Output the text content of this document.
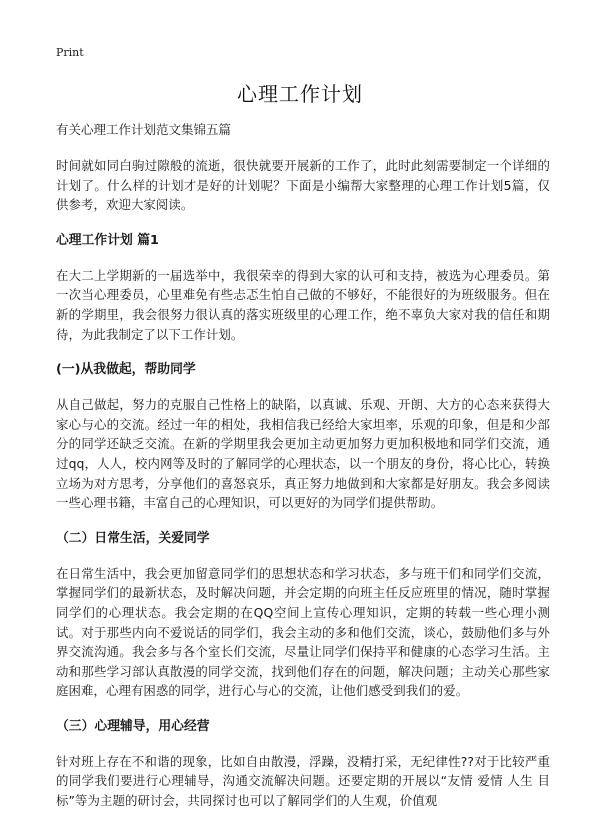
Print
心理工作计划
有关心理工作计划范文集锦五篇

时间就如同白驹过隙般的流逝，很快就要开展新的工作了，此时此刻需要制定一个详细的计划了。什么样的计划才是好的计划呢？下面是小编帮大家整理的心理工作计划5篇，仅供参考，欢迎大家阅读。

心理工作计划 篇1

在大二上学期新的一届选举中，我很荣幸的得到大家的认可和支持，被选为心理委员。第一次当心理委员，心里难免有些忐忑生怕自己做的不够好，不能很好的为班级服务。但在新的学期里，我会很努力很认真的落实班级里的心理工作，绝不辜负大家对我的信任和期待，为此我制定了以下工作计划。

(一)从我做起，帮助同学

从自己做起，努力的克服自己性格上的缺陷，以真诚、乐观、开朗、大方的心态来获得大家心与心的交流。经过一年的相处，我相信我已经给大家坦率，乐观的印象，但是和少部分的同学还缺乏交流。在新的学期里我会更加主动更加努力更加积极地和同学们交流，通过qq，人人，校内网等及时的了解同学的心理状态，以一个朋友的身份，将心比心，转换立场为对方思考，分享他们的喜怒哀乐，真正努力地做到和大家都是好朋友。我会多阅读一些心理书籍，丰富自己的心理知识，可以更好的为同学们提供帮助。

（二）日常生活，关爱同学

在日常生活中，我会更加留意同学们的思想状态和学习状态，多与班干们和同学们交流，掌握同学们的最新状态，及时解决问题，并会定期的向班主任反应班里的情况，随时掌握同学们的心理状态。我会定期的在QQ空间上宣传心理知识，定期的转载一些心理小测试。对于那些内向不爱说话的同学们，我会主动的多和他们交流，谈心，鼓励他们多与外界交流沟通。我会多与各个室长们交流，尽量让同学们保持平和健康的心态学习生活。主动和那些学习部认真散漫的同学交流，找到他们存在的问题，解决问题；主动关心那些家庭困难，心理有困惑的同学，进行心与心的交流，让他们感受到我们的爱。

（三）心理辅导，用心经营

针对班上存在不和谐的现象，比如自由散漫，浮躁，没精打采，无纪律性??对于比较严重的同学我们要进行心理辅导，沟通交流解决问题。还要定期的开展以“友情 爱情 人生 目标”等为主题的研讨会，共同探讨也可以了解同学们的人生观，价值观
